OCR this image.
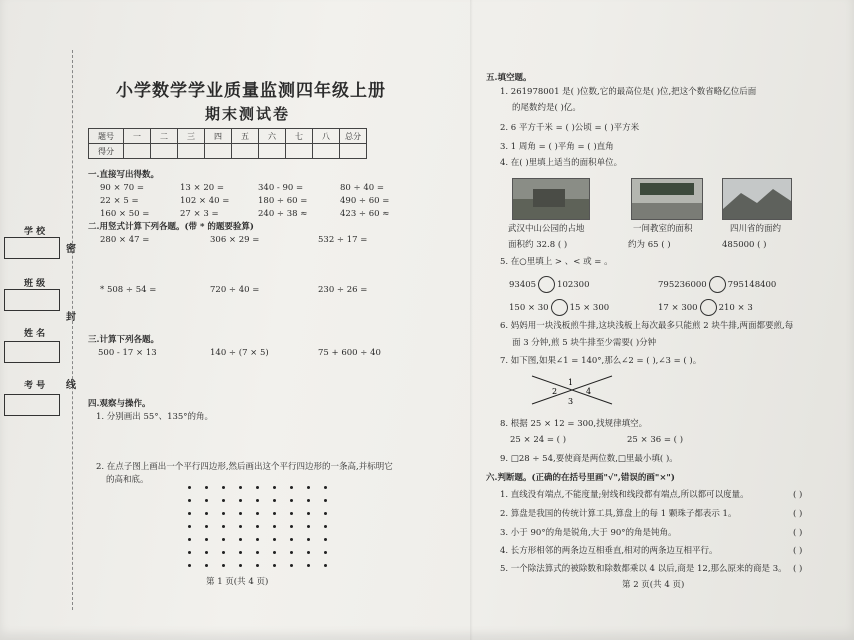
学 校
班 级
姓 名
考 号
密
封
线
小学数学学业质量监测四年级上册
期末测试卷
题号	一	二	三	四	五	六	七	八	总分
得分									
一.直接写出得数。
90 × 70 =	13 × 20 =	340 - 90 =	80 ÷ 40 =
22 × 5 =	102 × 40 =	180 ÷ 60 =	490 ÷ 60 =
160 × 50 =	27 × 3 =	240 ÷ 38 ≈	423 ÷ 60 ≈
二.用竖式计算下列各题。(带 * 的题要验算)
280 × 47 =	306 × 29 =	532 ÷ 17 =
* 508 ÷ 54 =	720 ÷ 40 =	230 ÷ 26 =
三.计算下列各题。
500 - 17 × 13	140 ÷ (7 × 5)	75 + 600 ÷ 40
四.观察与操作。
1. 分别画出 55°、135°的角。
2. 在点子图上画出一个平行四边形,然后画出这个平行四边形的一条高,并标明它
的高和底。
第 1 页(共 4 页)
五.填空题。
1. 261978001 是( )位数,它的最高位是( )位,把这个数省略亿位后面
的尾数约是( )亿。
2. 6 平方千米 = ( )公顷 = ( )平方米
3. 1 周角 = ( )平角 = ( )直角
4. 在( )里填上适当的面积单位。
武汉中山公园的占地	一间教室的面积	四川省的面约
面积约 32.8 ( )	约为 65 ( )	485000 ( )
5. 在○里填上 > 、< 或 = 。
93405 102300	795236000 795148400
150 × 30 15 × 300	17 × 300 210 × 3
6. 妈妈用一块浅板煎牛排,这块浅板上每次最多只能煎 2 块牛排,两面都要煎,每
面 3 分钟,煎 5 块牛排至少需要( )分钟
7. 如下图,如果∠1 = 140°,那么∠2 = ( ),∠3 = ( )。
1
2
3
4
8. 根据 25 × 12 = 300,找规律填空。
25 × 24 = ( )	25 × 36 = ( )
9. □28 ÷ 54,要使商是两位数,□里最小填( )。
六.判断题。(正确的在括号里画"√",错误的画"×")
1. 直线没有端点,不能度量;射线和线段都有端点,所以都可以度量。	( )
2. 算盘是我国的传统计算工具,算盘上的每 1 颗珠子都表示 1。	( )
3. 小于 90°的角是锐角,大于 90°的角是钝角。	( )
4. 长方形相邻的两条边互相垂直,相对的两条边互相平行。	( )
5. 一个除法算式的被除数和除数都乘以 4 以后,商是 12,那么原来的商是 3。 ( )
第 2 页(共 4 页)
